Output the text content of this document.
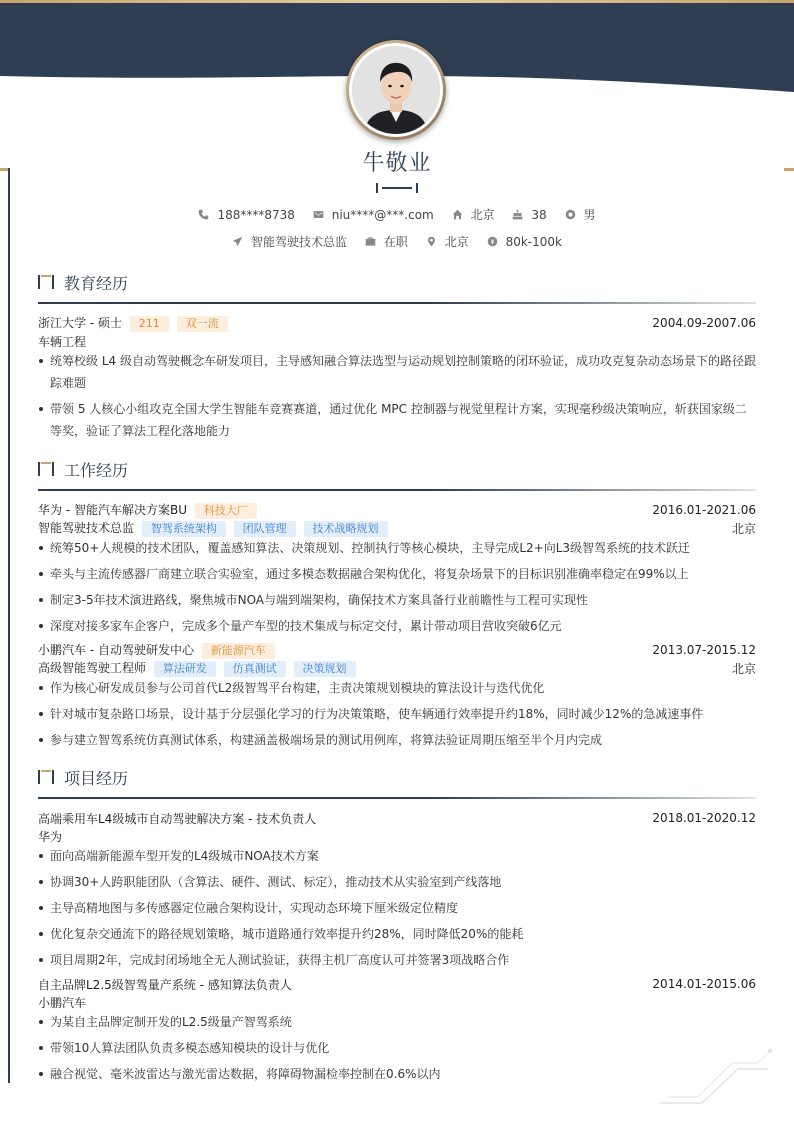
牛敬业
188****8738
	niu****@***.com
	北京
	38
	男
智能驾驶技术总监
	在职
	北京
	80k-100k
教育经历
浙江大学 - 硕士 211 双一流	2004.09-2007.06
车辆工程
统筹校级 L4 级自动驾驶概念车研发项目，主导感知融合算法选型与运动规划控制策略的闭环验证，成功攻克复杂动态场景下的路径跟踪难题
带领 5 人核心小组攻克全国大学生智能车竞赛赛道，通过优化 MPC 控制器与视觉里程计方案，实现毫秒级决策响应，斩获国家级二等奖，验证了算法工程化落地能力
工作经历
华为 - 智能汽车解决方案BU 科技大厂	2016.01-2021.06
智能驾驶技术总监 智驾系统架构 团队管理 技术战略规划	北京
统筹50+人规模的技术团队，覆盖感知算法、决策规划、控制执行等核心模块，主导完成L2+向L3级智驾系统的技术跃迁
牵头与主流传感器厂商建立联合实验室，通过多模态数据融合架构优化，将复杂场景下的目标识别准确率稳定在99%以上
制定3-5年技术演进路线，聚焦城市NOA与端到端架构，确保技术方案具备行业前瞻性与工程可实现性
深度对接多家车企客户，完成多个量产车型的技术集成与标定交付，累计带动项目营收突破6亿元
小鹏汽车 - 自动驾驶研发中心 新能源汽车	2013.07-2015.12
高级智能驾驶工程师 算法研发 仿真测试 决策规划	北京
作为核心研发成员参与公司首代L2级智驾平台构建，主责决策规划模块的算法设计与迭代优化
针对城市复杂路口场景，设计基于分层强化学习的行为决策策略，使车辆通行效率提升约18%，同时减少12%的急减速事件
参与建立智驾系统仿真测试体系，构建涵盖极端场景的测试用例库，将算法验证周期压缩至半个月内完成
项目经历
高端乘用车L4级城市自动驾驶解决方案 - 技术负责人	2018.01-2020.12
华为
面向高端新能源车型开发的L4级城市NOA技术方案
协调30+人跨职能团队（含算法、硬件、测试、标定），推动技术从实验室到产线落地
主导高精地图与多传感器定位融合架构设计，实现动态环境下厘米级定位精度
优化复杂交通流下的路径规划策略，城市道路通行效率提升约28%，同时降低20%的能耗
项目周期2年，完成封闭场地全无人测试验证，获得主机厂高度认可并签署3项战略合作
自主品牌L2.5级智驾量产系统 - 感知算法负责人	2014.01-2015.06
小鹏汽车
为某自主品牌定制开发的L2.5级量产智驾系统
带领10人算法团队负责多模态感知模块的设计与优化
融合视觉、毫米波雷达与激光雷达数据，将障碍物漏检率控制在0.6%以内
